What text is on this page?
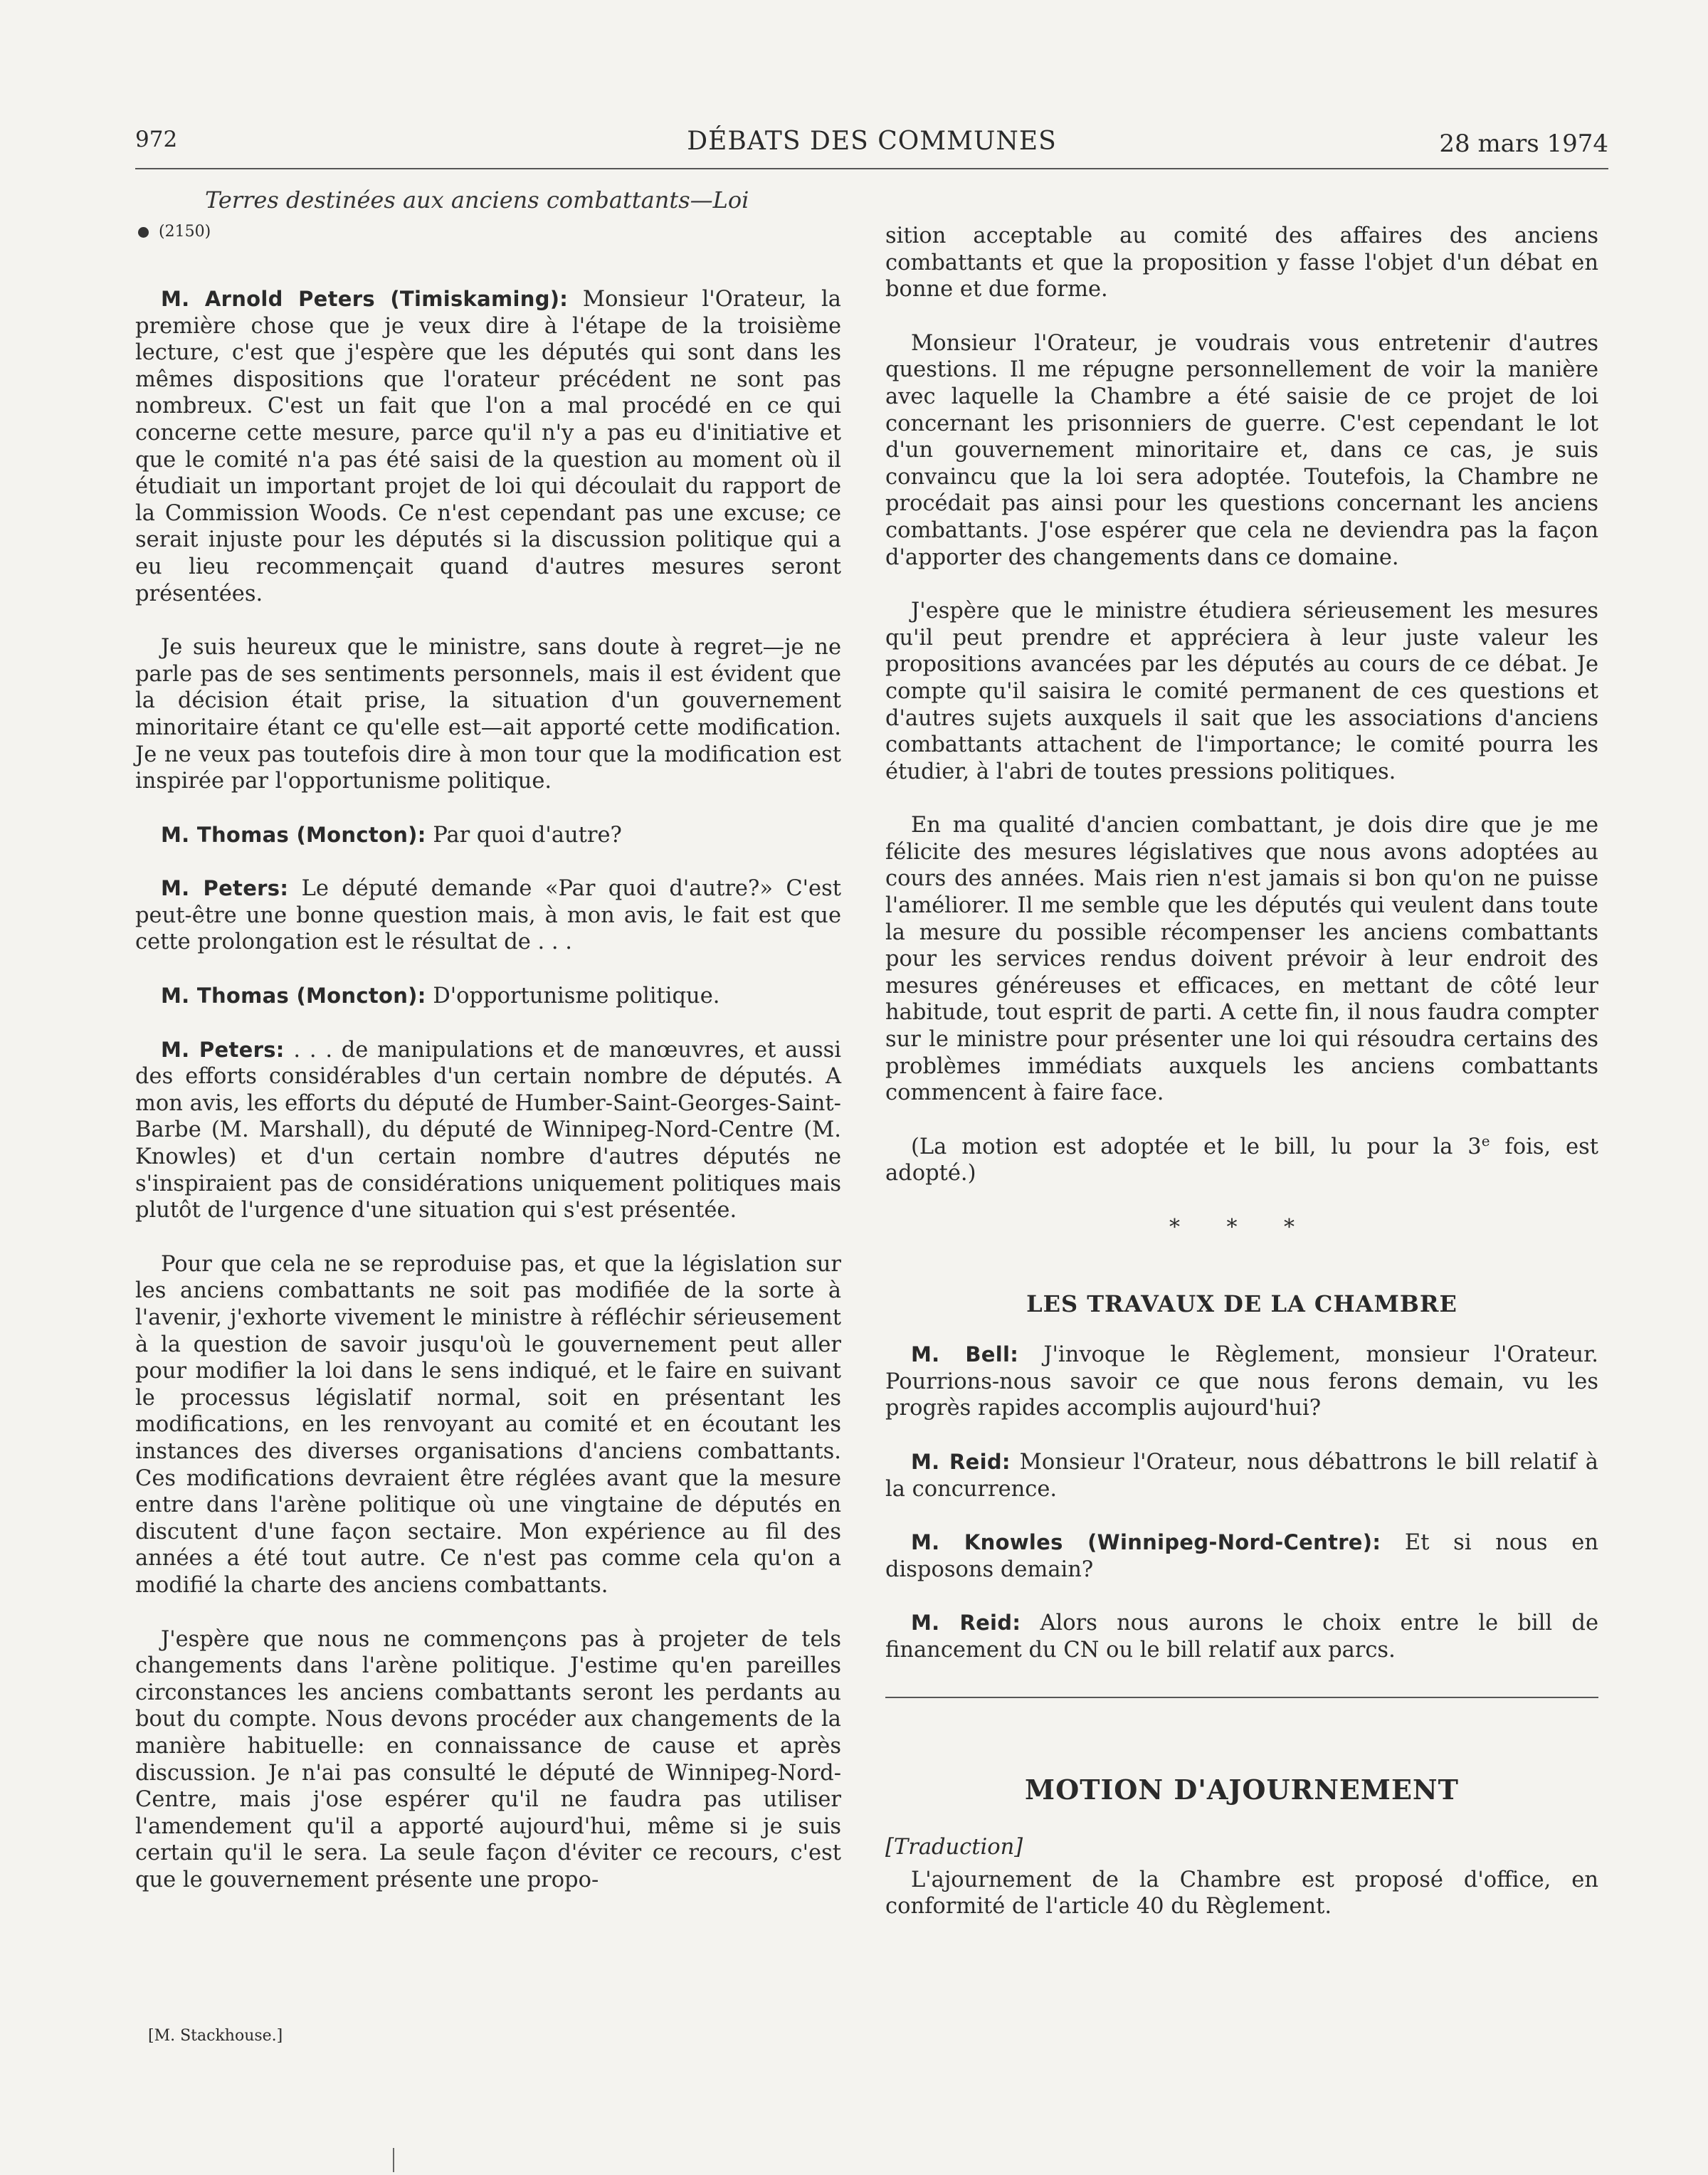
972	DÉBATS DES COMMUNES	28 mars 1974
Terres destinées aux anciens combattants—Loi
(2150)

M. Arnold Peters (Timiskaming): Monsieur l'Orateur, la première chose que je veux dire à l'étape de la troisième lecture, c'est que j'espère que les députés qui sont dans les mêmes dispositions que l'orateur précédent ne sont pas nombreux. C'est un fait que l'on a mal procédé en ce qui concerne cette mesure, parce qu'il n'y a pas eu d'initiative et que le comité n'a pas été saisi de la question au moment où il étudiait un important projet de loi qui découlait du rapport de la Commission Woods. Ce n'est cependant pas une excuse; ce serait injuste pour les députés si la discussion politique qui a eu lieu recommençait quand d'autres mesures seront présentées.

Je suis heureux que le ministre, sans doute à regret—je ne parle pas de ses sentiments personnels, mais il est évident que la décision était prise, la situation d'un gouvernement minoritaire étant ce qu'elle est—ait apporté cette modification. Je ne veux pas toutefois dire à mon tour que la modification est inspirée par l'opportunisme politique.

M. Thomas (Moncton): Par quoi d'autre?

M. Peters: Le député demande «Par quoi d'autre?» C'est peut-être une bonne question mais, à mon avis, le fait est que cette prolongation est le résultat de . . .

M. Thomas (Moncton): D'opportunisme politique.

M. Peters: . . . de manipulations et de manœuvres, et aussi des efforts considérables d'un certain nombre de députés. A mon avis, les efforts du député de Humber-Saint-Georges-Saint-Barbe (M. Marshall), du député de Winnipeg-Nord-Centre (M. Knowles) et d'un certain nombre d'autres députés ne s'inspiraient pas de considérations uniquement politiques mais plutôt de l'urgence d'une situation qui s'est présentée.

Pour que cela ne se reproduise pas, et que la législation sur les anciens combattants ne soit pas modifiée de la sorte à l'avenir, j'exhorte vivement le ministre à réfléchir sérieusement à la question de savoir jusqu'où le gouvernement peut aller pour modifier la loi dans le sens indiqué, et le faire en suivant le processus législatif normal, soit en présentant les modifications, en les renvoyant au comité et en écoutant les instances des diverses organisations d'anciens combattants. Ces modifications devraient être réglées avant que la mesure entre dans l'arène politique où une vingtaine de députés en discutent d'une façon sectaire. Mon expérience au fil des années a été tout autre. Ce n'est pas comme cela qu'on a modifié la charte des anciens combattants.

J'espère que nous ne commençons pas à projeter de tels changements dans l'arène politique. J'estime qu'en pareilles circonstances les anciens combattants seront les perdants au bout du compte. Nous devons procéder aux changements de la manière habituelle: en connaissance de cause et après discussion. Je n'ai pas consulté le député de Winnipeg-Nord-Centre, mais j'ose espérer qu'il ne faudra pas utiliser l'amendement qu'il a apporté aujourd'hui, même si je suis certain qu'il le sera. La seule façon d'éviter ce recours, c'est que le gouvernement présente une propo-

[M. Stackhouse.]

sition acceptable au comité des affaires des anciens combattants et que la proposition y fasse l'objet d'un débat en bonne et due forme.

Monsieur l'Orateur, je voudrais vous entretenir d'autres questions. Il me répugne personnellement de voir la manière avec laquelle la Chambre a été saisie de ce projet de loi concernant les prisonniers de guerre. C'est cependant le lot d'un gouvernement minoritaire et, dans ce cas, je suis convaincu que la loi sera adoptée. Toutefois, la Chambre ne procédait pas ainsi pour les questions concernant les anciens combattants. J'ose espérer que cela ne deviendra pas la façon d'apporter des changements dans ce domaine.

J'espère que le ministre étudiera sérieusement les mesures qu'il peut prendre et appréciera à leur juste valeur les propositions avancées par les députés au cours de ce débat. Je compte qu'il saisira le comité permanent de ces questions et d'autres sujets auxquels il sait que les associations d'anciens combattants attachent de l'importance; le comité pourra les étudier, à l'abri de toutes pressions politiques.

En ma qualité d'ancien combattant, je dois dire que je me félicite des mesures législatives que nous avons adoptées au cours des années. Mais rien n'est jamais si bon qu'on ne puisse l'améliorer. Il me semble que les députés qui veulent dans toute la mesure du possible récompenser les anciens combattants pour les services rendus doivent prévoir à leur endroit des mesures généreuses et efficaces, en mettant de côté leur habitude, tout esprit de parti. A cette fin, il nous faudra compter sur le ministre pour présenter une loi qui résoudra certains des problèmes immédiats auxquels les anciens combattants commencent à faire face.

(La motion est adoptée et le bill, lu pour la 3e fois, est adopté.)

* * *
LES TRAVAUX DE LA CHAMBRE

M. Bell: J'invoque le Règlement, monsieur l'Orateur. Pourrions-nous savoir ce que nous ferons demain, vu les progrès rapides accomplis aujourd'hui?

M. Reid: Monsieur l'Orateur, nous débattrons le bill relatif à la concurrence.

M. Knowles (Winnipeg-Nord-Centre): Et si nous en disposons demain?

M. Reid: Alors nous aurons le choix entre le bill de financement du CN ou le bill relatif aux parcs.

MOTION D'AJOURNEMENT
[Traduction]

L'ajournement de la Chambre est proposé d'office, en conformité de l'article 40 du Règlement.
